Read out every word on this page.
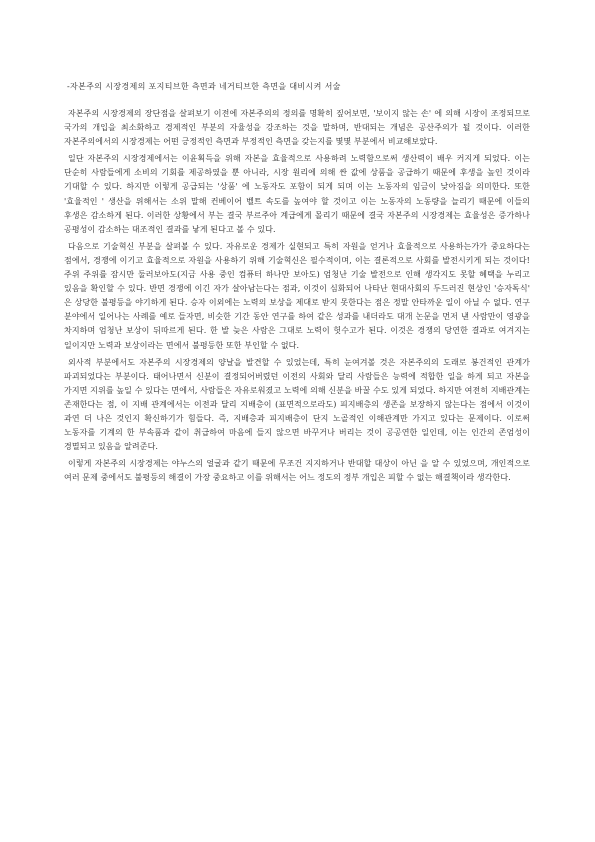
-자본주의 시장경제의 포지티브한 측면과 네거티브한 측면을 대비시켜 서술

자본주의 시장경제의 장단점을 살펴보기 이전에 자본주의의 정의를 명확히 짚어보면, '보이지 않는 손' 에 의해 시장이 조정되므로 국가의 개입을 최소화하고 경제적인 부분의 자율성을 강조하는 것을 말하며, 반대되는 개념은 공산주의가 될 것이다. 이러한 자본주의에서의 시장경제는 어떤 긍정적인 측면과 부정적인 측면을 갖는지를 몇몇 부분에서 비교해보았다.

일단 자본주의 시장경제에서는 이윤획득을 위해 자본을 효율적으로 사용하려 노력함으로써 생산력이 배우 커지게 되었다. 이는 단순히 사람들에게 소비의 기회를 제공하였을 뿐 아니라, 시장 원리에 의해 싼 값에 상품을 공급하기 때문에 후생을 높인 것이라 기대할 수 있다. 하지만 이렇게 공급되는 '상품' 에 노동자도 포함이 되게 되며 이는 노동자의 임금이 낮아짐을 의미한다. 또한 '효율적인 ' 생산을 위해서는 소위 말해 컨베이어 벨트 속도를 높여야 할 것이고 이는 노동자의 노동량을 늘리기 때문에 이들의 후생은 감소하게 된다. 이러한 상황에서 부는 결국 부르주아 계급에게 몰리기 때문에 결국 자본주의 시장경제는 효율성은 증가하나 공평성이 감소하는 대조적인 결과를 낳게 된다고 볼 수 있다.

다음으로 기술혁신 부분을 살펴볼 수 있다. 자유로운 경제가 실현되고 특히 자원을 얻거나 효율적으로 사용하는가가 중요하다는 점에서, 경쟁에 이기고 효율적으로 자원을 사용하기 위해 기술혁신은 필수적이며, 이는 결론적으로 사회를 발전시키게 되는 것이다! 주위 주위를 잠시만 둘러보아도(지금 사용 중인 컴퓨터 하나만 보아도) 엄청난 기술 발전으로 인해 생각지도 못할 혜택을 누리고 있음을 확인할 수 있다. 반면 경쟁에 이긴 자가 살아남는다는 점과, 이것이 심화되어 나타난 현대사회의 두드러진 현상인 '승자독식' 은 상당한 불평등을 야기하게 된다. 승자 이외에는 노력의 보상을 제대로 받지 못한다는 점은 정말 안타까운 일이 아닐 수 없다. 연구 분야에서 일어나는 사례를 예로 들자면, 비슷한 기간 동안 연구를 하여 같은 성과를 내더라도 대개 논문을 먼저 낸 사람만이 영광을 차지하며 엄청난 보상이 뒤따르게 된다. 한 발 늦은 사람은 그대로 노력이 헛수고가 된다. 이것은 경쟁의 당연한 결과로 여겨지는 일이지만 노력과 보상이라는 면에서 불평등한 또한 부인할 수 없다.

외사적 부분에서도 자본주의 시장경제의 양날을 발견할 수 있었는데, 특히 눈여겨볼 것은 자본주의의 도래로 봉건적인 관계가 파괴되었다는 부분이다. 태어나면서 신분이 결정되어버렸던 이전의 사회와 달리 사람들은 능력에 적합한 일을 하게 되고 자본을 가지면 지위를 높일 수 있다는 면에서, 사람들은 자유로워졌고 노력에 의해 신분을 바꿀 수도 있게 되었다. 하지만 여전히 지배관계는 존재한다는 점, 이 지배 관계에서는 이전과 달리 지배층이 (표면적으로라도) 피지배층의 생존을 보장하지 않는다는 점에서 이것이 과연 더 나은 것인지 확신하기가 힘들다. 즉, 지배층과 피지배층이 단지 노골적인 이해관계만 가지고 있다는 문제이다. 이로써 노동자를 기계의 한 부속품과 같이 취급하여 마음에 들지 않으면 바꾸거나 버리는 것이 공공연한 일인데, 이는 인간의 존엄성이 경멸되고 있음을 알려준다.

이렇게 자본주의 시장경제는 야누스의 얼굴과 같기 때문에 무조건 지지하거나 반대할 대상이 아닌 을 알 수 있었으며, 개인적으로 여러 문제 중에서도 불평등의 해결이 가장 중요하고 이를 위해서는 어느 정도의 정부 개입은 피할 수 없는 해결책이라 생각한다.
